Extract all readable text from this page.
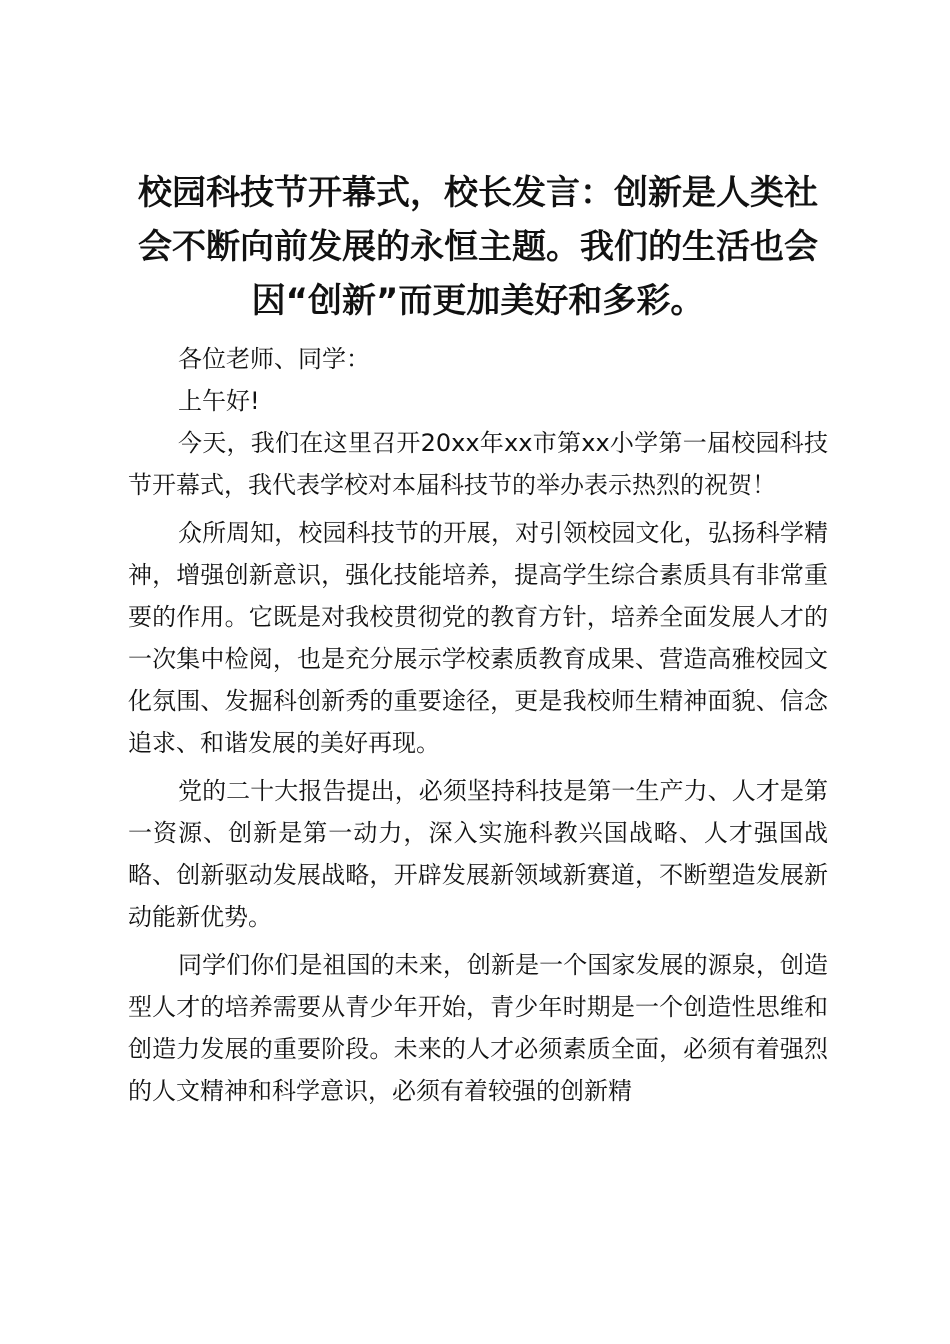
校园科技节开幕式，校长发言：创新是人类社会不断向前发展的永恒主题。我们的生活也会因“创新”而更加美好和多彩。

各位老师、同学：

上午好!

今天，我们在这里召开20xx年xx市第xx小学第一届校园科技节开幕式，我代表学校对本届科技节的举办表示热烈的祝贺！

众所周知，校园科技节的开展，对引领校园文化，弘扬科学精神，增强创新意识，强化技能培养，提高学生综合素质具有非常重要的作用。它既是对我校贯彻党的教育方针，培养全面发展人才的一次集中检阅，也是充分展示学校素质教育成果、营造高雅校园文化氛围、发掘科创新秀的重要途径，更是我校师生精神面貌、信念追求、和谐发展的美好再现。

党的二十大报告提出，必须坚持科技是第一生产力、人才是第一资源、创新是第一动力，深入实施科教兴国战略、人才强国战略、创新驱动发展战略，开辟发展新领域新赛道，不断塑造发展新动能新优势。

同学们你们是祖国的未来，创新是一个国家发展的源泉，创造型人才的培养需要从青少年开始，青少年时期是一个创造性思维和创造力发展的重要阶段。未来的人才必须素质全面，必须有着强烈的人文精神和科学意识，必须有着较强的创新精
